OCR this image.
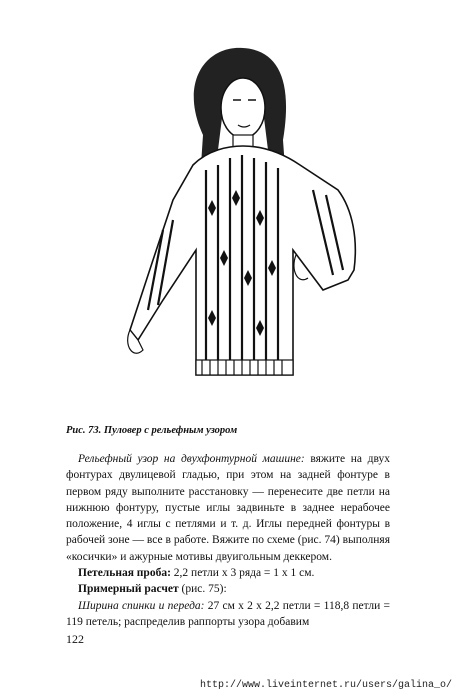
Рис. 73. Пуловер с рельефным узором

Рельефный узор на двухфонтурной машине: вяжите на двух фонтурах двулицевой гладью, при этом на задней фонтуре в первом ряду выполните расстановку — перенесите две петли на нижнюю фонтуру, пустые иглы задвиньте в заднее нерабочее положение, 4 иглы с петлями и т. д. Иглы передней фонтуры в рабочей зоне — все в работе. Вяжите по схеме (рис. 74) выполняя «косички» и ажурные мотивы двуигольным деккером.

Петельная проба: 2,2 петли x 3 ряда = 1 x 1 см.

Примерный расчет (рис. 75):

Ширина спинки и переда: 27 см x 2 x 2,2 петли = 118,8 петли = 119 петель; распределив раппорты узора добавим

122
http://www.liveinternet.ru/users/galina_o/
